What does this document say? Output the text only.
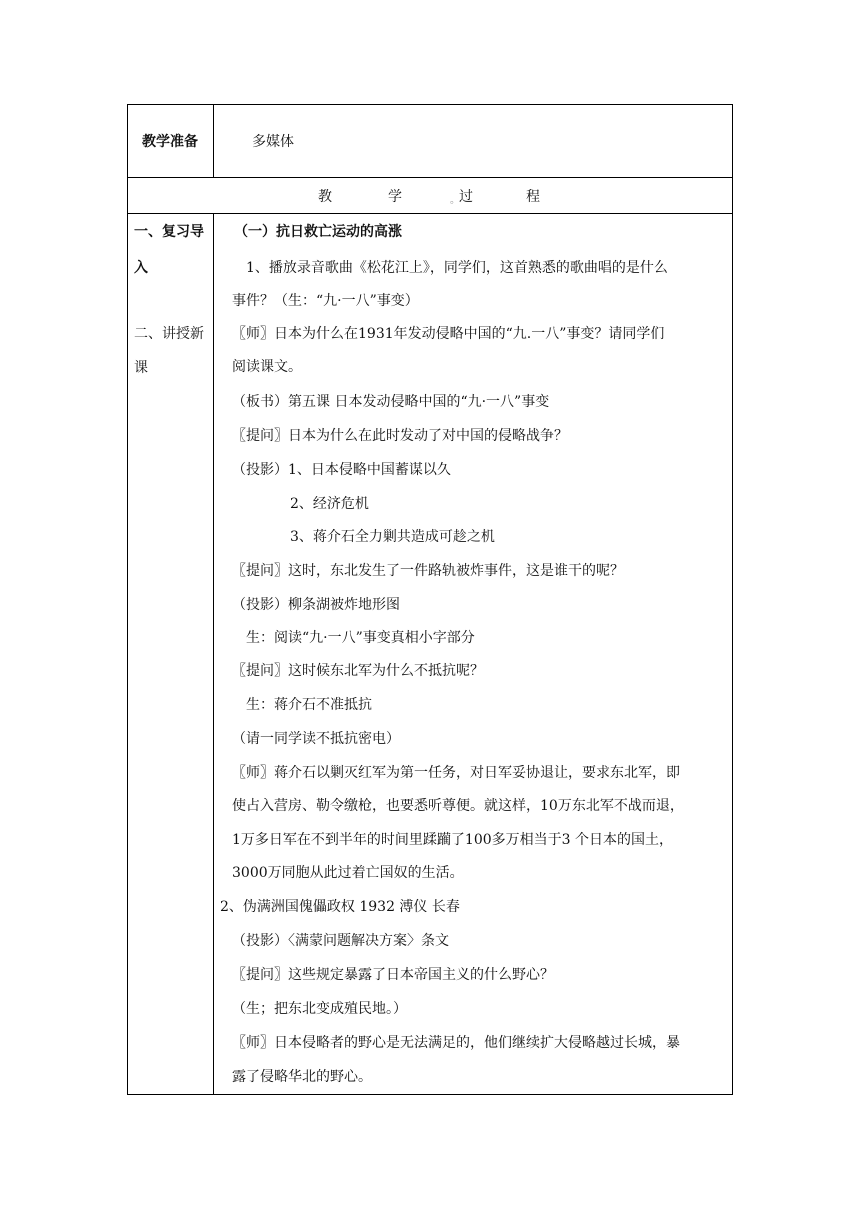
教学准备	多媒体
教	学	。 过	程
一、复习导
入
二、讲授新
课
（一）抗日救亡运动的高涨
1、播放录音歌曲《松花江上》，同学们，这首熟悉的歌曲唱的是什么
事件？（生：“九·一八”事变）
〖师〗日本为什么在1931年发动侵略中国的“九.一八”事变？请同学们
阅读课文。
（板书）第五课 日本发动侵略中国的“九·一八”事变
〖提问〗日本为什么在此时发动了对中国的侵略战争？
（投影）1、日本侵略中国蓄谋以久
2、经济危机
3、蒋介石全力剿共造成可趁之机
〖提问〗这时，东北发生了一件路轨被炸事件，这是谁干的呢？
（投影）柳条湖被炸地形图
生：阅读“九·一八”事变真相小字部分
〖提问〗这时候东北军为什么不抵抗呢？
生：蒋介石不准抵抗
（请一同学读不抵抗密电）
〖师〗蒋介石以剿灭红军为第一任务，对日军妥协退让，要求东北军，即
使占入营房、勒令缴枪，也要悉听尊便。就这样，10万东北军不战而退，
1万多日军在不到半年的时间里蹂躏了100多万相当于3 个日本的国土，
3000万同胞从此过着亡国奴的生活。
2、伪满洲国傀儡政权 1932 溥仪 长春
（投影）〈满蒙问题解决方案〉条文
〖提问〗这些规定暴露了日本帝国主义的什么野心？
（生；把东北变成殖民地。）
〖师〗日本侵略者的野心是无法满足的，他们继续扩大侵略越过长城，暴
露了侵略华北的野心。
